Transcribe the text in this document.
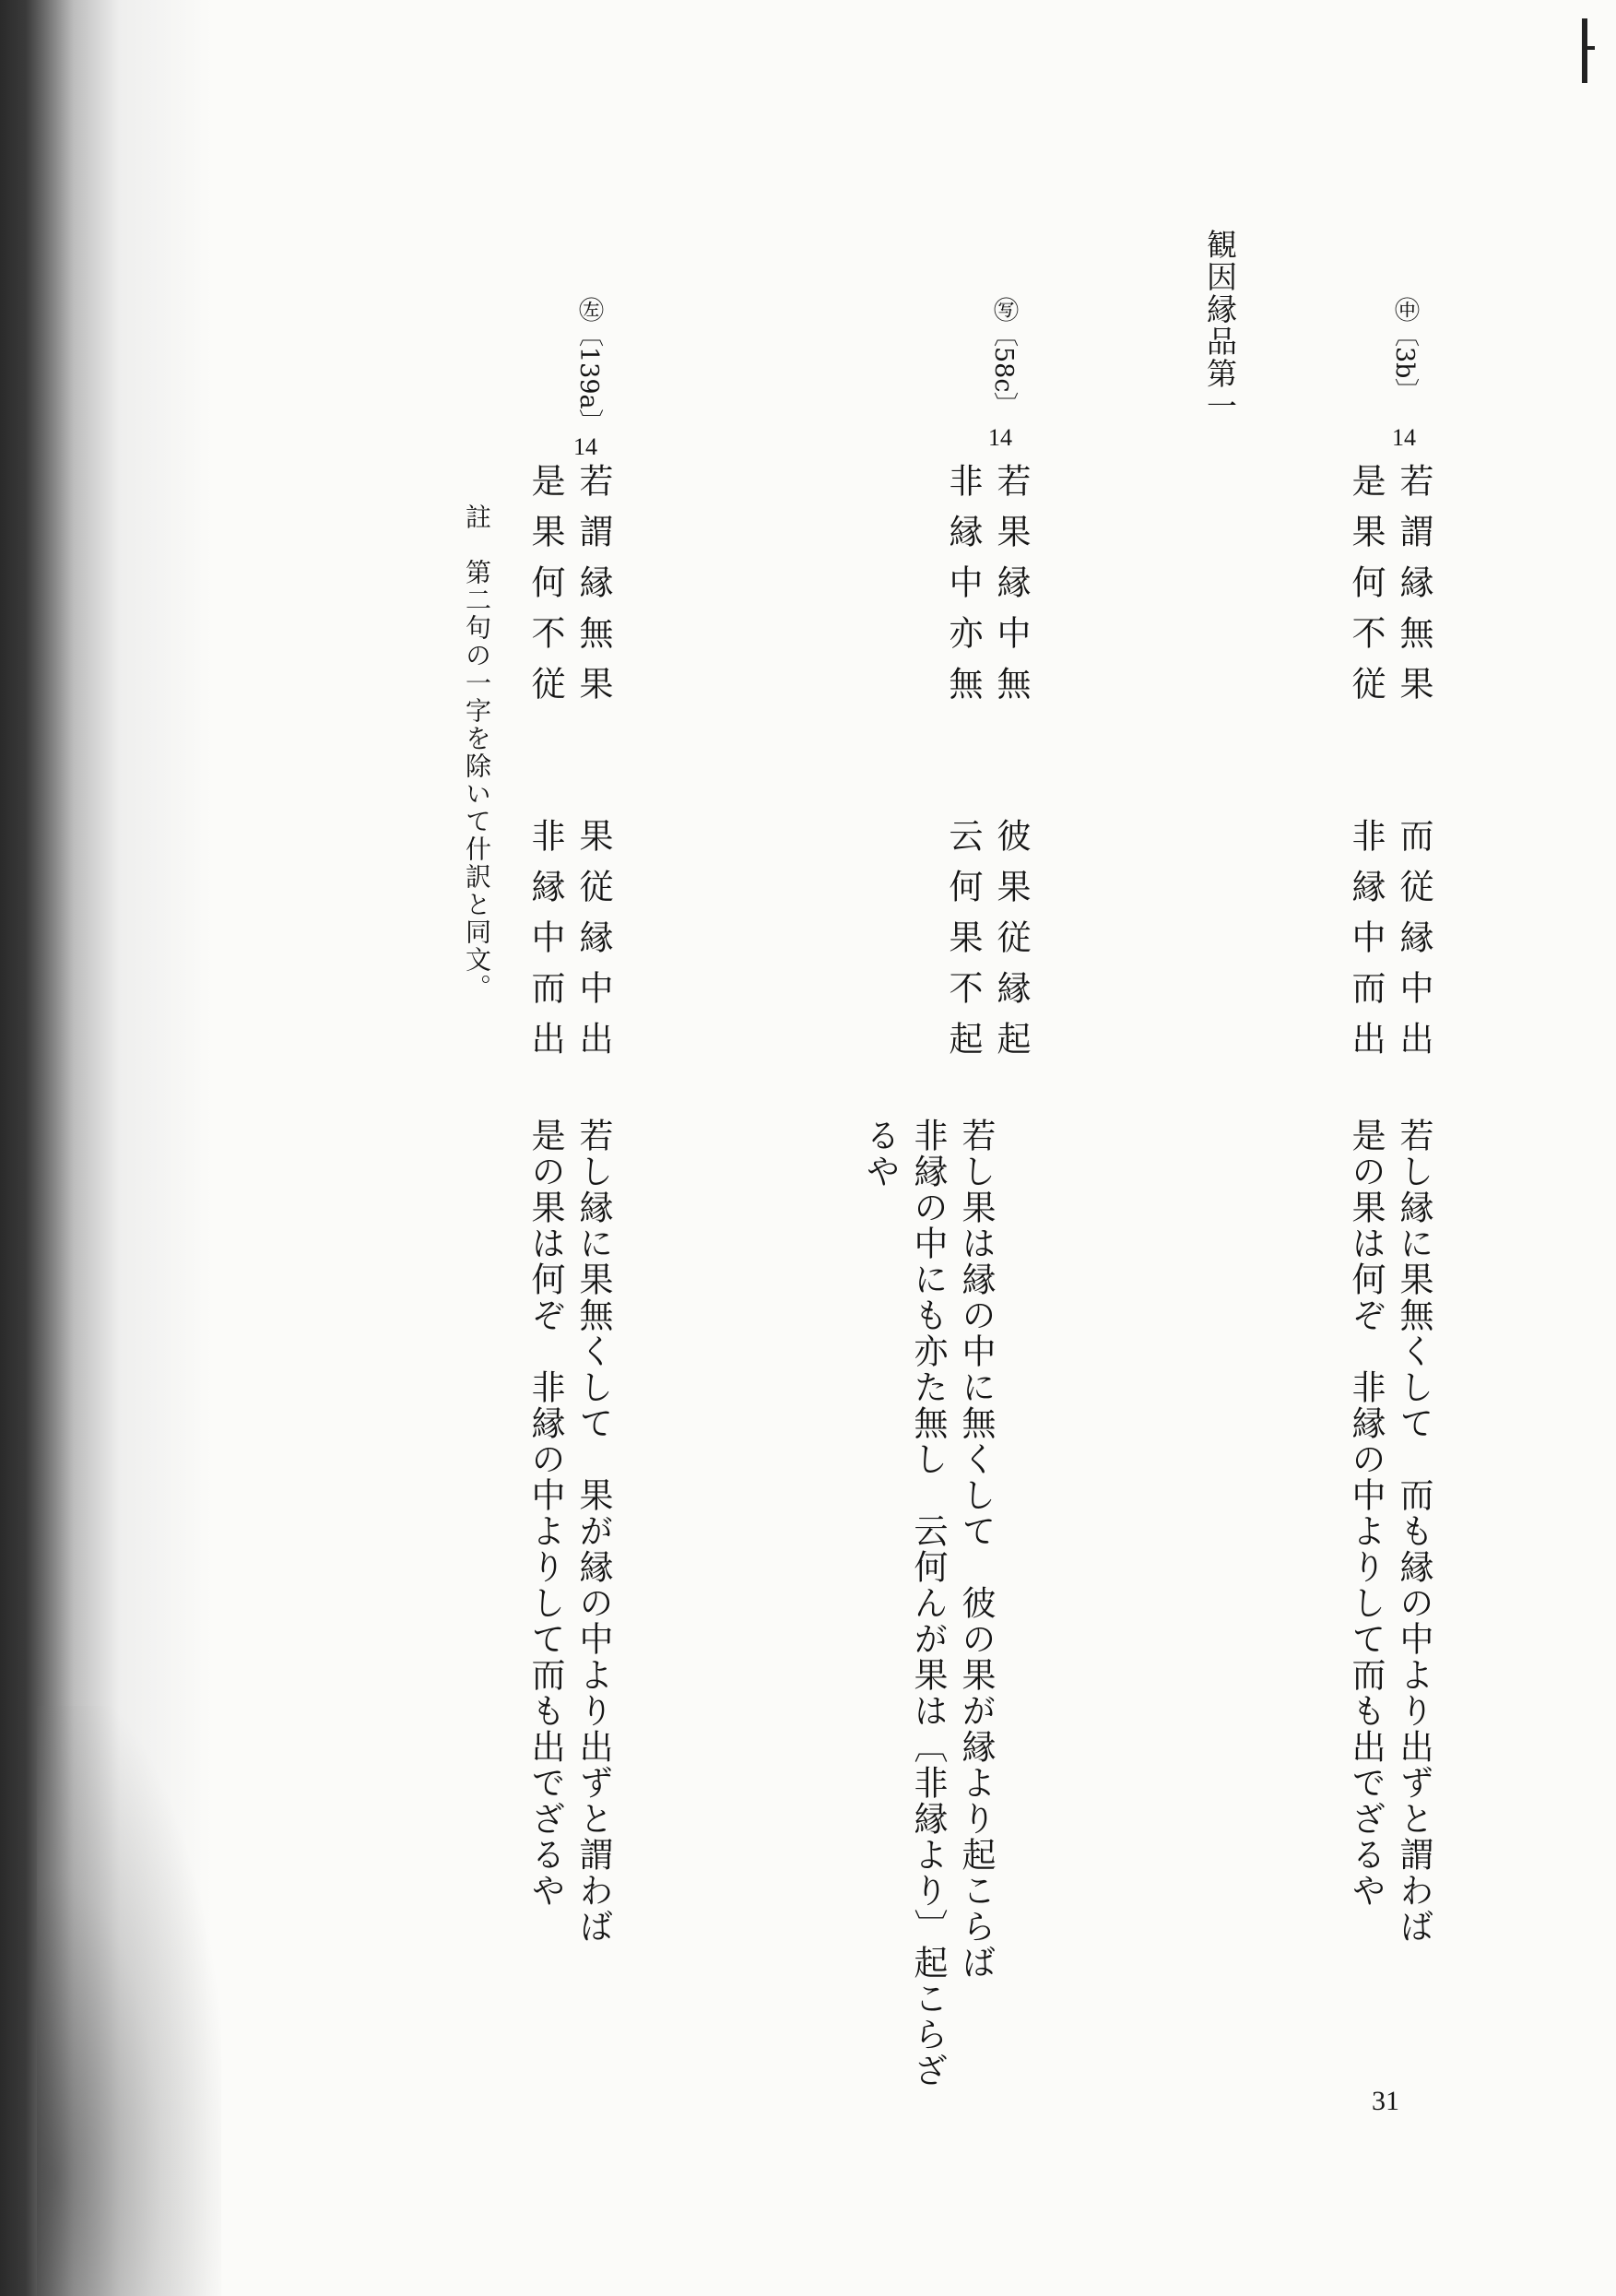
観因縁品第一	㊥〔3b〕
14
若謂縁無果　　而従縁中出
是果何不従　　非縁中而出
若し縁に果無くして　而も縁の中より出ずと謂わば
是の果は何ぞ　非縁の中よりして而も出でざるや
㊢〔58c〕
14
若果縁中無　　彼果従縁起
非縁中亦無　　云何果不起
若し果は縁の中に無くして　彼の果が縁より起こらば
非縁の中にも亦た無し　云何んが果は〔非縁より〕起こらざ
るや
㊧〔139a〕
14
若謂縁無果　　果従縁中出
是果何不従　　非縁中而出
若し縁に果無くして　果が縁の中より出ずと謂わば
是の果は何ぞ　非縁の中よりして而も出でざるや
註　第二句の一字を除いて什訳と同文。
31
